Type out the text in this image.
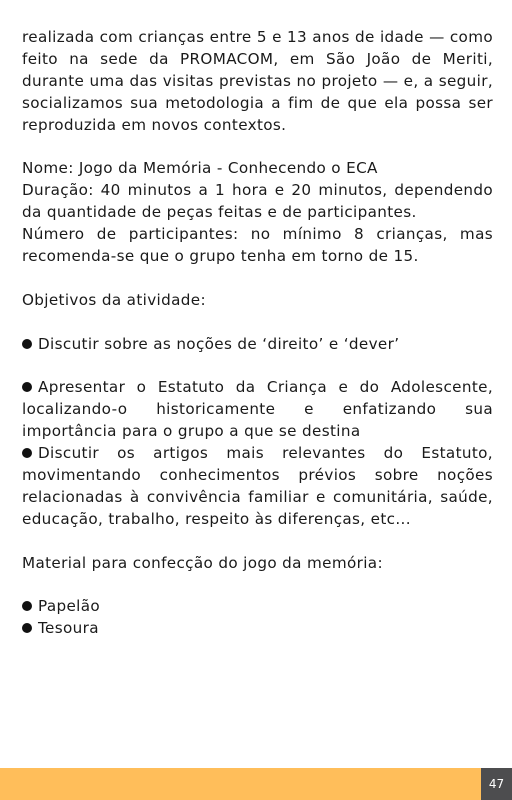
realizada com crianças entre 5 e 13 anos de idade — como feito na sede da PROMACOM, em São João de Meriti, durante uma das visitas previstas no projeto — e, a seguir, socializamos sua metodologia a fim de que ela possa ser reproduzida em novos contextos.

Nome: Jogo da Memória - Conhecendo o ECA

Duração: 40 minutos a 1 hora e 20 minutos, dependendo da quantidade de peças feitas e de participantes.

Número de participantes: no mínimo 8 crianças, mas recomenda-se que o grupo tenha em torno de 15.

Objetivos da atividade:

Discutir sobre as noções de ‘direito’ e ‘dever’

Apresentar o Estatuto da Criança e do Adolescente, localizando-o historicamente e enfatizando sua importância para o grupo a que se destina

Discutir os artigos mais relevantes do Estatuto, movimentando conhecimentos prévios sobre noções relacionadas à convivência familiar e comunitária, saúde, educação, trabalho, respeito às diferenças, etc...

Material para confecção do jogo da memória:

Papelão

Tesoura

47
